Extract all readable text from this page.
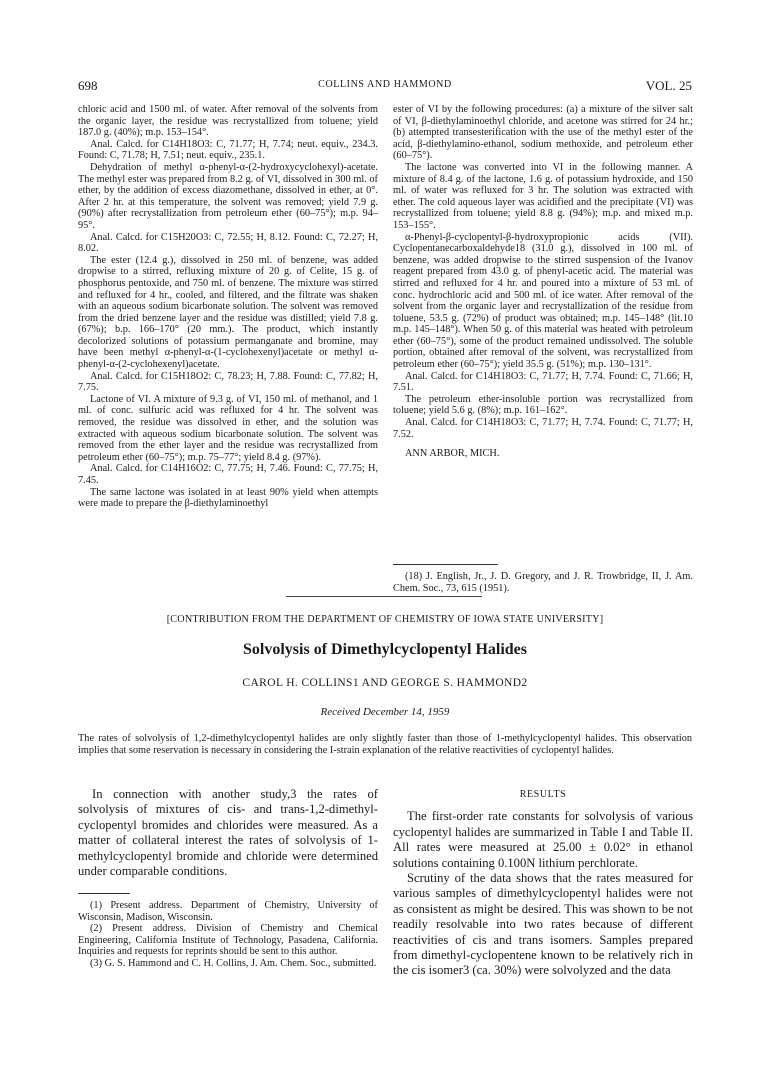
698	COLLINS AND HAMMOND	VOL. 25

chloric acid and 1500 ml. of water. After removal of the solvents from the organic layer, the residue was recrystallized from toluene; yield 187.0 g. (40%); m.p. 153–154°.

Anal. Calcd. for C14H18O3: C, 71.77; H, 7.74; neut. equiv., 234.3. Found: C, 71.78; H, 7.51; neut. equiv., 235.1.

Dehydration of methyl α-phenyl-α-(2-hydroxycyclohexyl)-acetate. The methyl ester was prepared from 8.2 g. of VI, dissolved in 300 ml. of ether, by the addition of excess diazomethane, dissolved in ether, at 0°. After 2 hr. at this temperature, the solvent was removed; yield 7.9 g. (90%) after recrystallization from petroleum ether (60–75°); m.p. 94–95°.

Anal. Calcd. for C15H20O3: C, 72.55; H, 8.12. Found: C, 72.27; H, 8.02.

The ester (12.4 g.), dissolved in 250 ml. of benzene, was added dropwise to a stirred, refluxing mixture of 20 g. of Celite, 15 g. of phosphorus pentoxide, and 750 ml. of benzene. The mixture was stirred and refluxed for 4 hr., cooled, and filtered, and the filtrate was shaken with an aqueous sodium bicarbonate solution. The solvent was removed from the dried benzene layer and the residue was distilled; yield 7.8 g. (67%); b.p. 166–170° (20 mm.). The product, which instantly decolorized solutions of potassium permanganate and bromine, may have been methyl α-phenyl-α-(1-cyclohexenyl)acetate or methyl α-phenyl-α-(2-cyclohexenyl)acetate.

Anal. Calcd. for C15H18O2: C, 78.23; H, 7.88. Found: C, 77.82; H, 7.75.

Lactone of VI. A mixture of 9.3 g. of VI, 150 ml. of methanol, and 1 ml. of conc. sulfuric acid was refluxed for 4 hr. The solvent was removed, the residue was dissolved in ether, and the solution was extracted with aqueous sodium bicarbonate solution. The solvent was removed from the ether layer and the residue was recrystallized from petroleum ether (60–75°); m.p. 75–77°; yield 8.4 g. (97%).

Anal. Calcd. for C14H16O2: C, 77.75; H, 7.46. Found: C, 77.75; H, 7.45.

The same lactone was isolated in at least 90% yield when attempts were made to prepare the β-diethylaminoethyl

ester of VI by the following procedures: (a) a mixture of the silver salt of VI, β-diethylaminoethyl chloride, and acetone was stirred for 24 hr.; (b) attempted transesterification with the use of the methyl ester of the acid, β-diethylamino-ethanol, sodium methoxide, and petroleum ether (60–75°).

The lactone was converted into VI in the following manner. A mixture of 8.4 g. of the lactone, 1.6 g. of potassium hydroxide, and 150 ml. of water was refluxed for 3 hr. The solution was extracted with ether. The cold aqueous layer was acidified and the precipitate (VI) was recrystallized from toluene; yield 8.8 g. (94%); m.p. and mixed m.p. 153–155°.

α-Phenyl-β-cyclopentyl-β-hydroxypropionic acids (VII). Cyclopentanecarboxaldehyde18 (31.0 g.), dissolved in 100 ml. of benzene, was added dropwise to the stirred suspension of the Ivanov reagent prepared from 43.0 g. of phenyl-acetic acid. The material was stirred and refluxed for 4 hr. and poured into a mixture of 53 ml. of conc. hydrochloric acid and 500 ml. of ice water. After removal of the solvent from the organic layer and recrystallization of the residue from toluene, 53.5 g. (72%) of product was obtained; m.p. 145–148° (lit.10 m.p. 145–148°). When 50 g. of this material was heated with petroleum ether (60–75°), some of the product remained undissolved. The soluble portion, obtained after removal of the solvent, was recrystallized from petroleum ether (60–75°); yield 35.5 g. (51%); m.p. 130–131°.

Anal. Calcd. for C14H18O3: C, 71.77; H, 7.74. Found: C, 71.66; H, 7.51.

The petroleum ether-insoluble portion was recrystallized from toluene; yield 5.6 g. (8%); m.p. 161–162°.

Anal. Calcd. for C14H18O3: C, 71.77; H, 7.74. Found: C, 71.77; H, 7.52.

ANN ARBOR, MICH.

(18) J. English, Jr., J. D. Gregory, and J. R. Trowbridge, II, J. Am. Chem. Soc., 73, 615 (1951).

[CONTRIBUTION FROM THE DEPARTMENT OF CHEMISTRY OF IOWA STATE UNIVERSITY]
Solvolysis of Dimethylcyclopentyl Halides
CAROL H. COLLINS1 AND GEORGE S. HAMMOND2
Received December 14, 1959
The rates of solvolysis of 1,2-dimethylcyclopentyl halides are only slightly faster than those of 1-methylcyclopentyl halides. This observation implies that some reservation is necessary in considering the I-strain explanation of the relative reactivities of cyclopentyl halides.

In connection with another study,3 the rates of solvolysis of mixtures of cis- and trans-1,2-dimethyl-cyclopentyl bromides and chlorides were measured. As a matter of collateral interest the rates of solvolysis of 1-methylcyclopentyl bromide and chloride were determined under comparable conditions.

(1) Present address. Department of Chemistry, University of Wisconsin, Madison, Wisconsin.

(2) Present address. Division of Chemistry and Chemical Engineering, California Institute of Technology, Pasadena, California. Inquiries and requests for reprints should be sent to this author.

(3) G. S. Hammond and C. H. Collins, J. Am. Chem. Soc., submitted.

RESULTS

The first-order rate constants for solvolysis of various cyclopentyl halides are summarized in Table I and Table II. All rates were measured at 25.00 ± 0.02° in ethanol solutions containing 0.100N lithium perchlorate.

Scrutiny of the data shows that the rates measured for various samples of dimethylcyclopentyl halides were not as consistent as might be desired. This was shown to be not readily resolvable into two rates because of different reactivities of cis and trans isomers. Samples prepared from dimethyl-cyclopentene known to be relatively rich in the cis isomer3 (ca. 30%) were solvolyzed and the data
